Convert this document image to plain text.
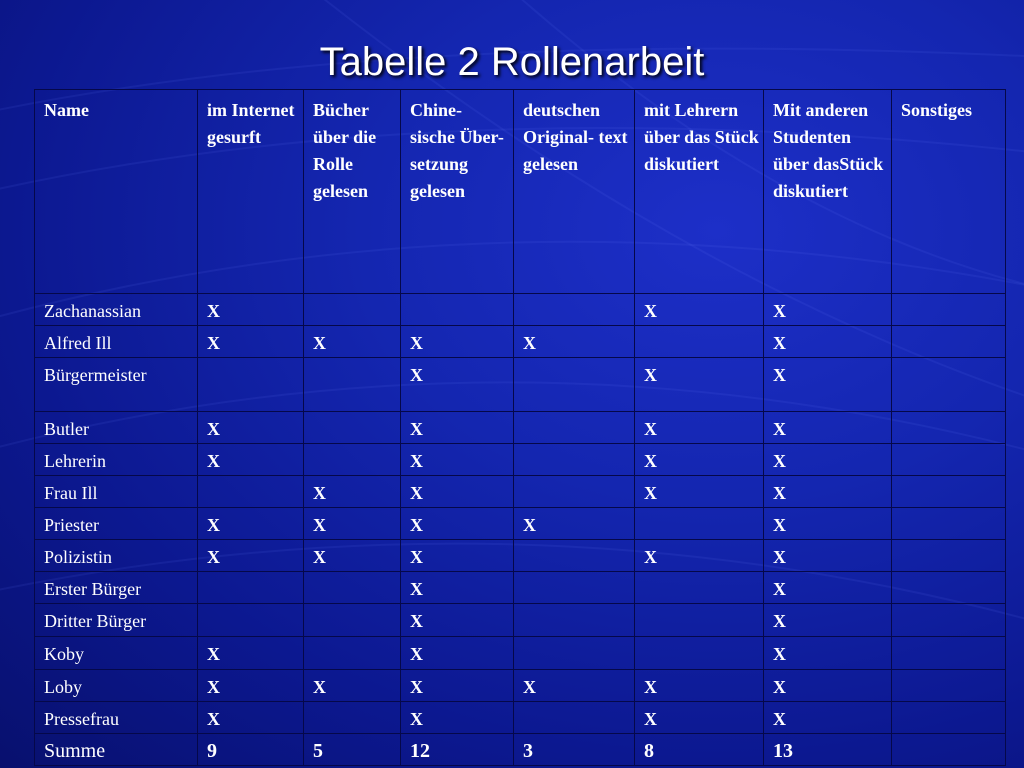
Tabelle 2 Rollenarbeit
Name	im Internet gesurft	Bücher über die Rolle gelesen	Chine- sische Über- setzung gelesen	deutschen Original- text gelesen	mit Lehrern über das Stück diskutiert	Mit anderen Studenten über dasStück diskutiert	Sonstiges
Zachanassian	X				X	X	
Alfred Ill	X	X	X	X		X	
Bürgermeister			X		X	X	
Butler	X		X		X	X	
Lehrerin	X		X		X	X	
Frau Ill		X	X		X	X	
Priester	X	X	X	X		X	
Polizistin	X	X	X		X	X	
Erster Bürger			X			X	
Dritter Bürger			X			X	
Koby	X		X			X	
Loby	X	X	X	X	X	X	
Pressefrau	X		X		X	X	
Summe	9	5	12	3	8	13	
